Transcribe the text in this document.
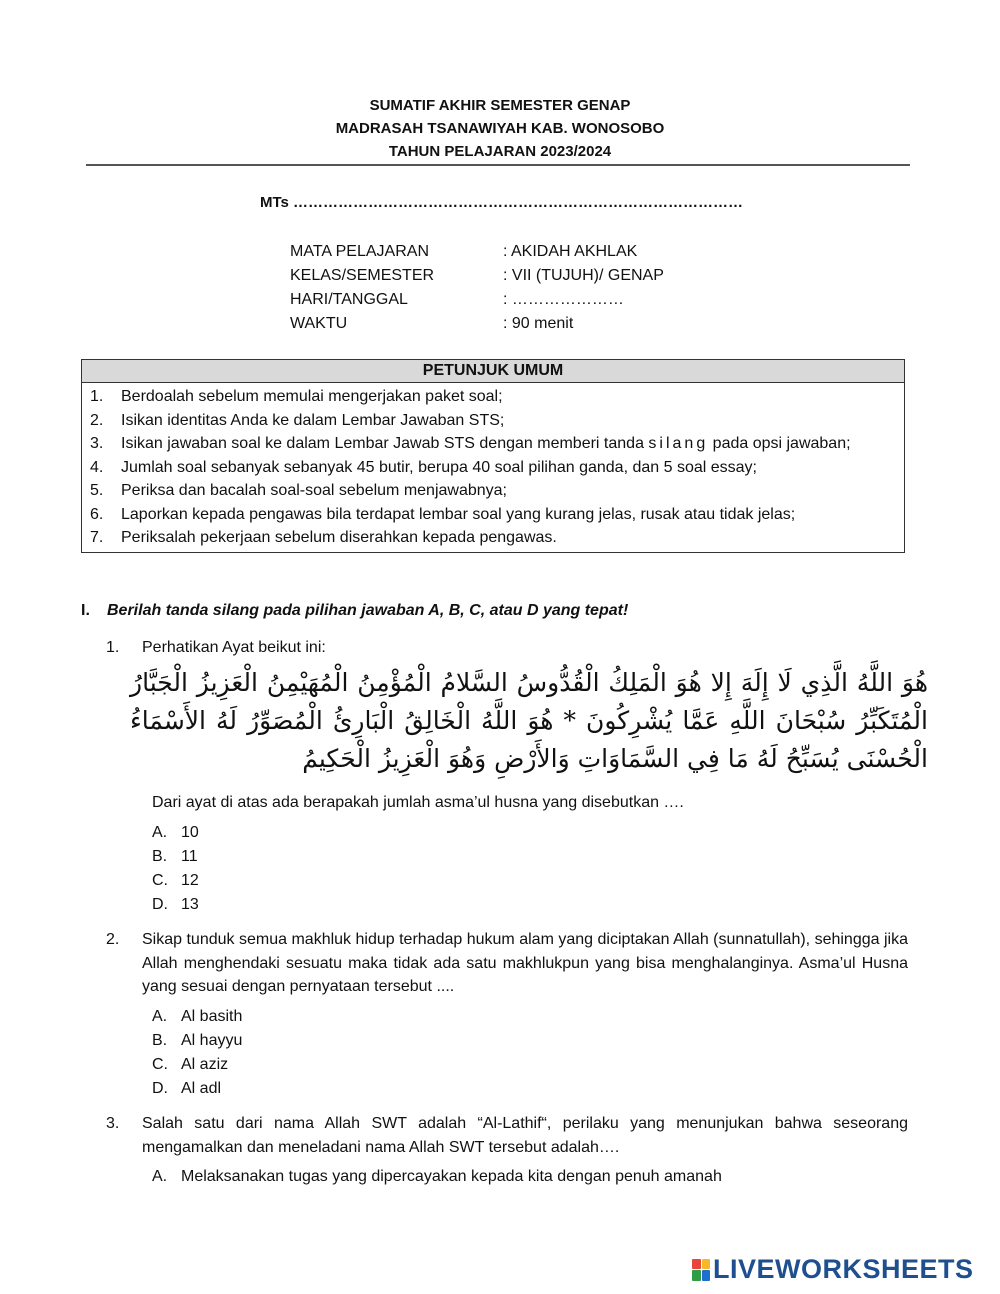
SUMATIF AKHIR SEMESTER GENAP
MADRASAH TSANAWIYAH KAB. WONOSOBO
TAHUN PELAJARAN 2023/2024
MTs ………………………………………………………………………………
MATA PELAJARAN	: AKIDAH AKHLAK
KELAS/SEMESTER	: VII (TUJUH)/ GENAP
HARI/TANGGAL	: …………………
WAKTU	: 90 menit
PETUNJUK UMUM
1.	Berdoalah sebelum memulai mengerjakan paket soal;
2.	Isikan identitas Anda ke dalam Lembar Jawaban STS;
3.	Isikan jawaban soal ke dalam Lembar Jawab STS dengan memberi tanda silang pada opsi jawaban;
4.	Jumlah soal sebanyak sebanyak 45 butir, berupa 40 soal pilihan ganda, dan 5 soal essay;
5.	Periksa dan bacalah soal-soal sebelum menjawabnya;
6.	Laporkan kepada pengawas bila terdapat lembar soal yang kurang jelas, rusak atau tidak jelas;
7.	Periksalah pekerjaan sebelum diserahkan kepada pengawas.
I.	Berilah tanda silang pada pilihan jawaban A, B, C, atau D yang tepat!
1.	Perhatikan Ayat beikut ini:
هُوَ اللَّهُ الَّذِي لَا إِلَهَ إِلا هُوَ الْمَلِكُ الْقُدُّوسُ السَّلامُ الْمُؤْمِنُ الْمُهَيْمِنُ الْعَزِيزُ الْجَبَّارُ الْمُتَكَبِّرُ سُبْحَانَ اللَّهِ عَمَّا يُشْرِكُونَ * هُوَ اللَّهُ الْخَالِقُ الْبَارِئُ الْمُصَوِّرُ لَهُ الأَسْمَاءُ الْحُسْنَى يُسَبِّحُ لَهُ مَا فِي السَّمَاوَاتِ وَالأَرْضِ وَهُوَ الْعَزِيزُ الْحَكِيمُ
Dari ayat di atas ada berapakah jumlah asma’ul husna yang disebutkan ….
A. 10
B. 11
C. 12
D. 13
2.	Sikap tunduk semua makhluk hidup terhadap hukum alam yang diciptakan Allah (sunnatullah), sehingga jika Allah menghendaki sesuatu maka tidak ada satu makhlukpun yang bisa menghalanginya. Asma’ul Husna yang sesuai dengan pernyataan tersebut ....
A. Al basith
B. Al hayyu
C. Al aziz
D. Al adl
3.	Salah satu dari nama Allah SWT adalah “Al-Lathif“, perilaku yang menunjukan bahwa seseorang mengamalkan dan meneladani nama Allah SWT tersebut adalah….
A. Melaksanakan tugas yang dipercayakan kepada kita dengan penuh amanah
LIVEWORKSHEETS
